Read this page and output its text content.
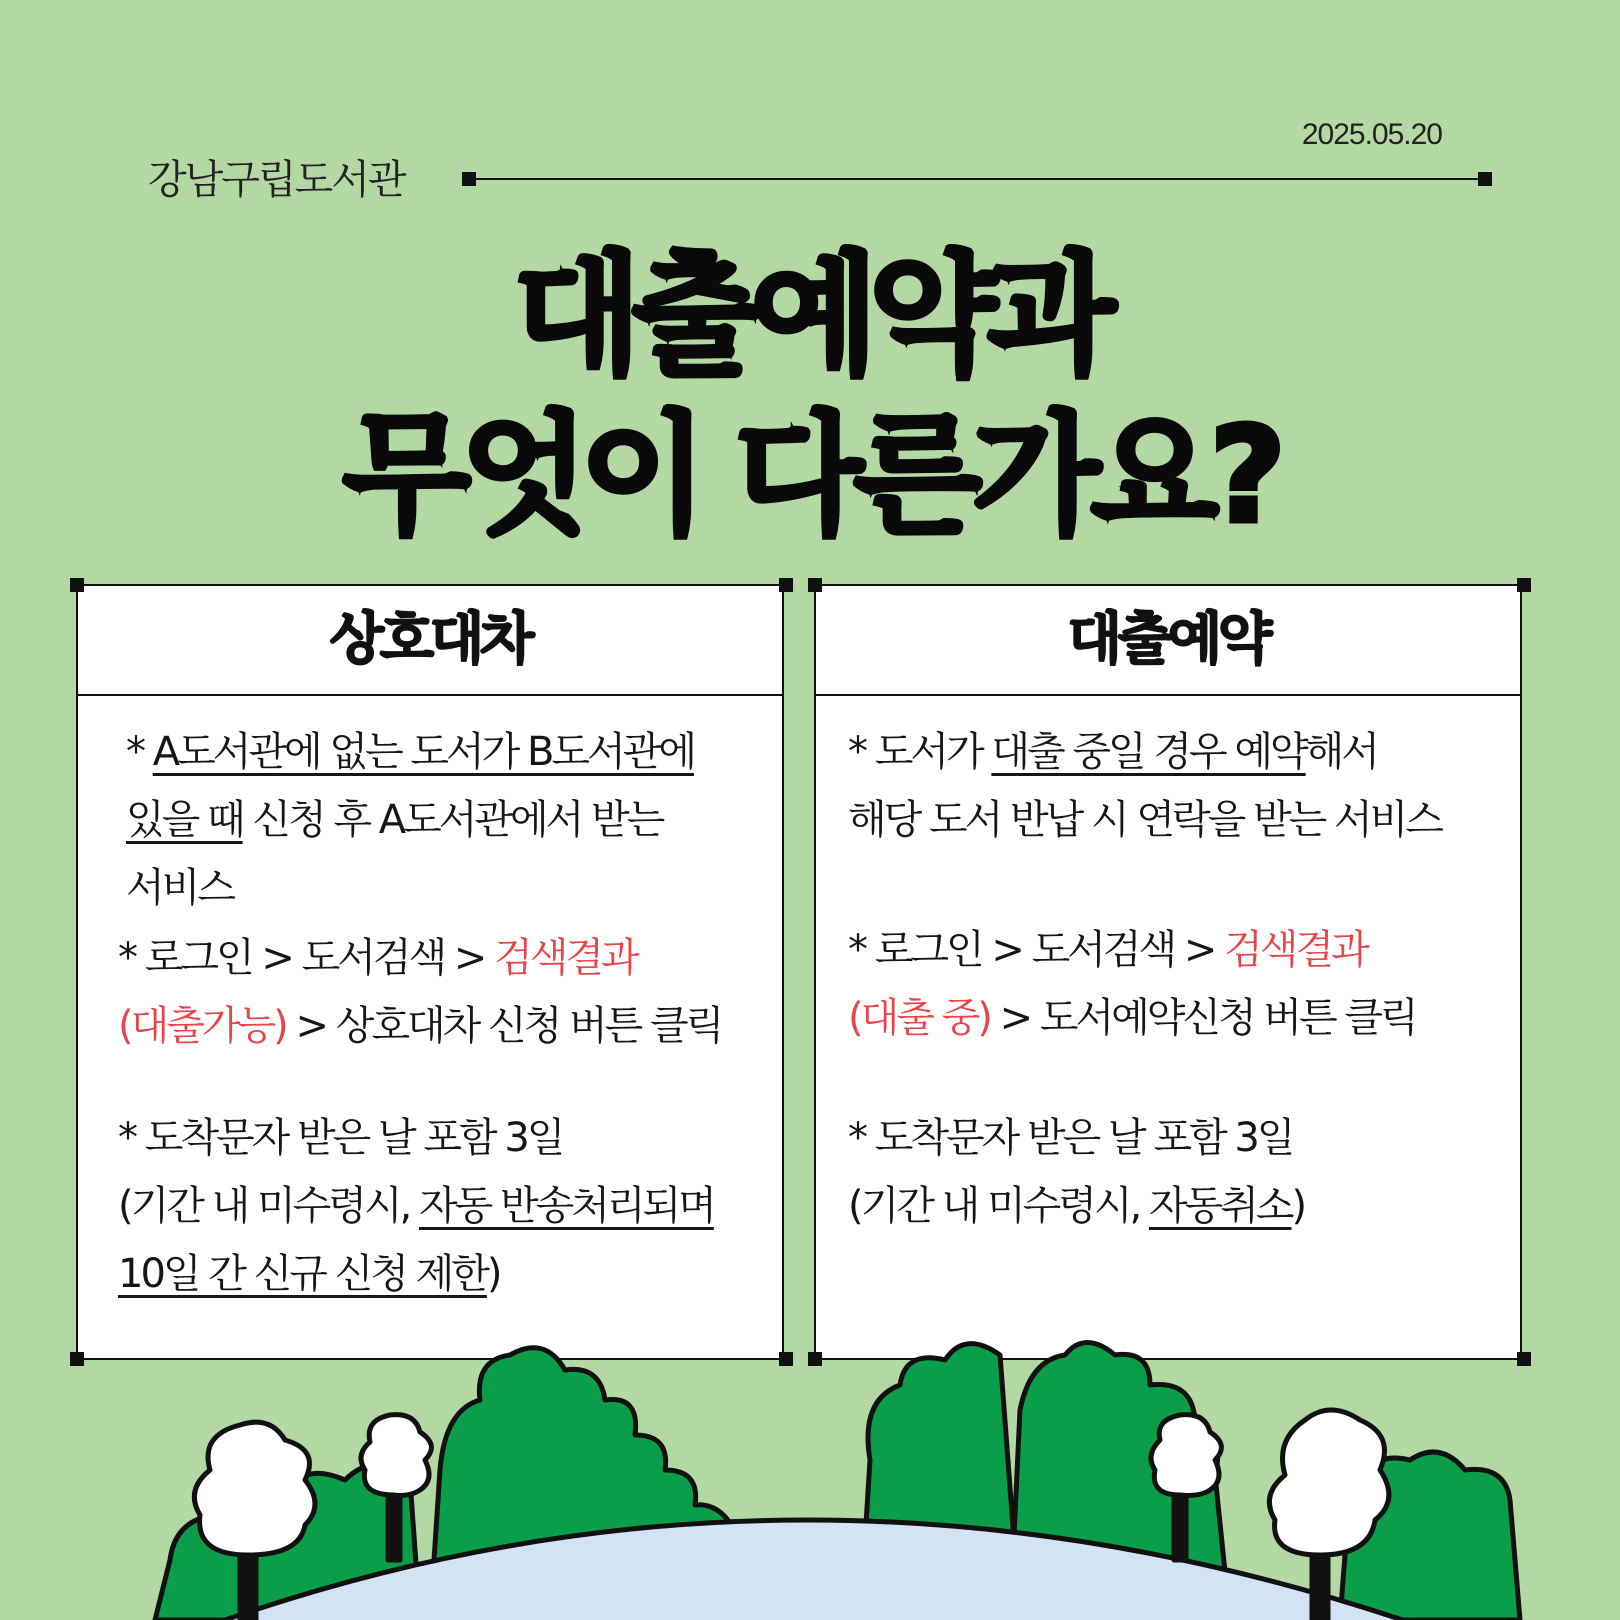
강남구립도서관
2025.05.20
대출예약과
무엇이 다른가요?
상호대차
* A도서관에 없는 도서가 B도서관에
있을 때 신청 후 A도서관에서 받는
서비스
* 로그인 > 도서검색 > 검색결과
(대출가능) > 상호대차 신청 버튼 클릭
* 도착문자 받은 날 포함 3일
(기간 내 미수령시, 자동 반송처리되며
10일 간 신규 신청 제한)
대출예약
* 도서가 대출 중일 경우 예약해서
해당 도서 반납 시 연락을 받는 서비스
* 로그인 > 도서검색 > 검색결과
(대출 중) > 도서예약신청 버튼 클릭
* 도착문자 받은 날 포함 3일
(기간 내 미수령시, 자동취소)
